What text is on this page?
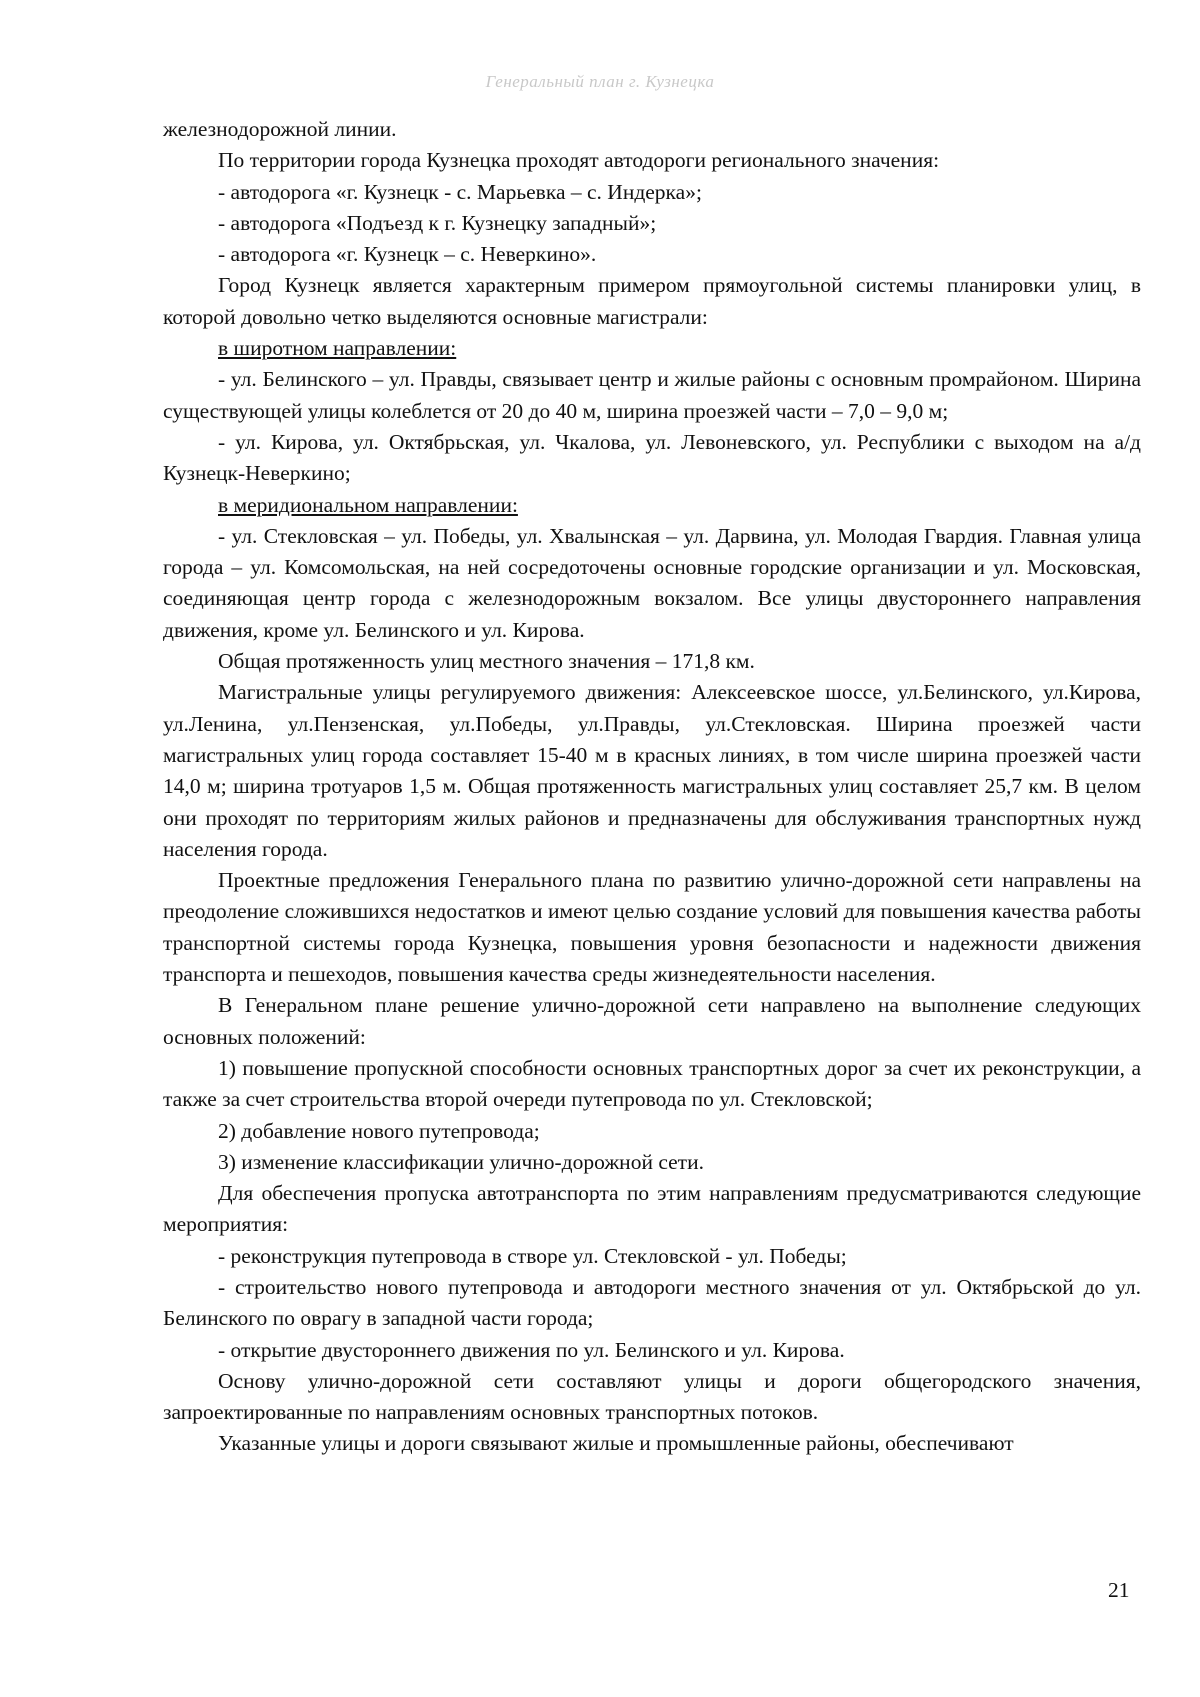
Генеральный план г. Кузнецка

железнодорожной линии.

По территории города Кузнецка проходят автодороги регионального значения:

- автодорога «г. Кузнецк - с. Марьевка – с. Индерка»;

- автодорога «Подъезд к г. Кузнецку западный»;

- автодорога «г. Кузнецк – с. Неверкино».

Город Кузнецк является характерным примером прямоугольной системы планировки улиц, в которой довольно четко выделяются основные магистрали:

в широтном направлении:

- ул. Белинского – ул. Правды, связывает центр и жилые районы с основным промрайоном. Ширина существующей улицы колеблется от 20 до 40 м, ширина проезжей части – 7,0 – 9,0 м;

- ул. Кирова, ул. Октябрьская, ул. Чкалова, ул. Левоневского, ул. Республики с выходом на а/д Кузнецк-Неверкино;

в меридиональном направлении:

- ул. Стекловская – ул. Победы, ул. Хвалынская – ул. Дарвина, ул. Молодая Гвардия. Главная улица города – ул. Комсомольская, на ней сосредоточены основные городские организации и ул. Московская, соединяющая центр города с железнодорожным вокзалом. Все улицы двустороннего направления движения, кроме ул. Белинского и ул. Кирова.

Общая протяженность улиц местного значения – 171,8 км.

Магистральные улицы регулируемого движения: Алексеевское шоссе, ул.Белинского, ул.Кирова, ул.Ленина, ул.Пензенская, ул.Победы, ул.Правды, ул.Стекловская. Ширина проезжей части магистральных улиц города составляет 15-40 м в красных линиях, в том числе ширина проезжей части 14,0 м; ширина тротуаров 1,5 м. Общая протяженность магистральных улиц составляет 25,7 км. В целом они проходят по территориям жилых районов и предназначены для обслуживания транспортных нужд населения города.

Проектные предложения Генерального плана по развитию улично-дорожной сети направлены на преодоление сложившихся недостатков и имеют целью создание условий для повышения качества работы транспортной системы города Кузнецка, повышения уровня безопасности и надежности движения транспорта и пешеходов, повышения качества среды жизнедеятельности населения.

В Генеральном плане решение улично-дорожной сети направлено на выполнение следующих основных положений:

1) повышение пропускной способности основных транспортных дорог за счет их реконструкции, а также за счет строительства второй очереди путепровода по ул. Стекловской;

2) добавление нового путепровода;

3) изменение классификации улично-дорожной сети.

Для обеспечения пропуска автотранспорта по этим направлениям предусматриваются следующие мероприятия:

- реконструкция путепровода в створе ул. Стекловской - ул. Победы;

- строительство нового путепровода и автодороги местного значения от ул. Октябрьской до ул. Белинского по оврагу в западной части города;

- открытие двустороннего движения по ул. Белинского и ул. Кирова.

Основу улично-дорожной сети составляют улицы и дороги общегородского значения, запроектированные по направлениям основных транспортных потоков.

Указанные улицы и дороги связывают жилые и промышленные районы, обеспечивают

21
